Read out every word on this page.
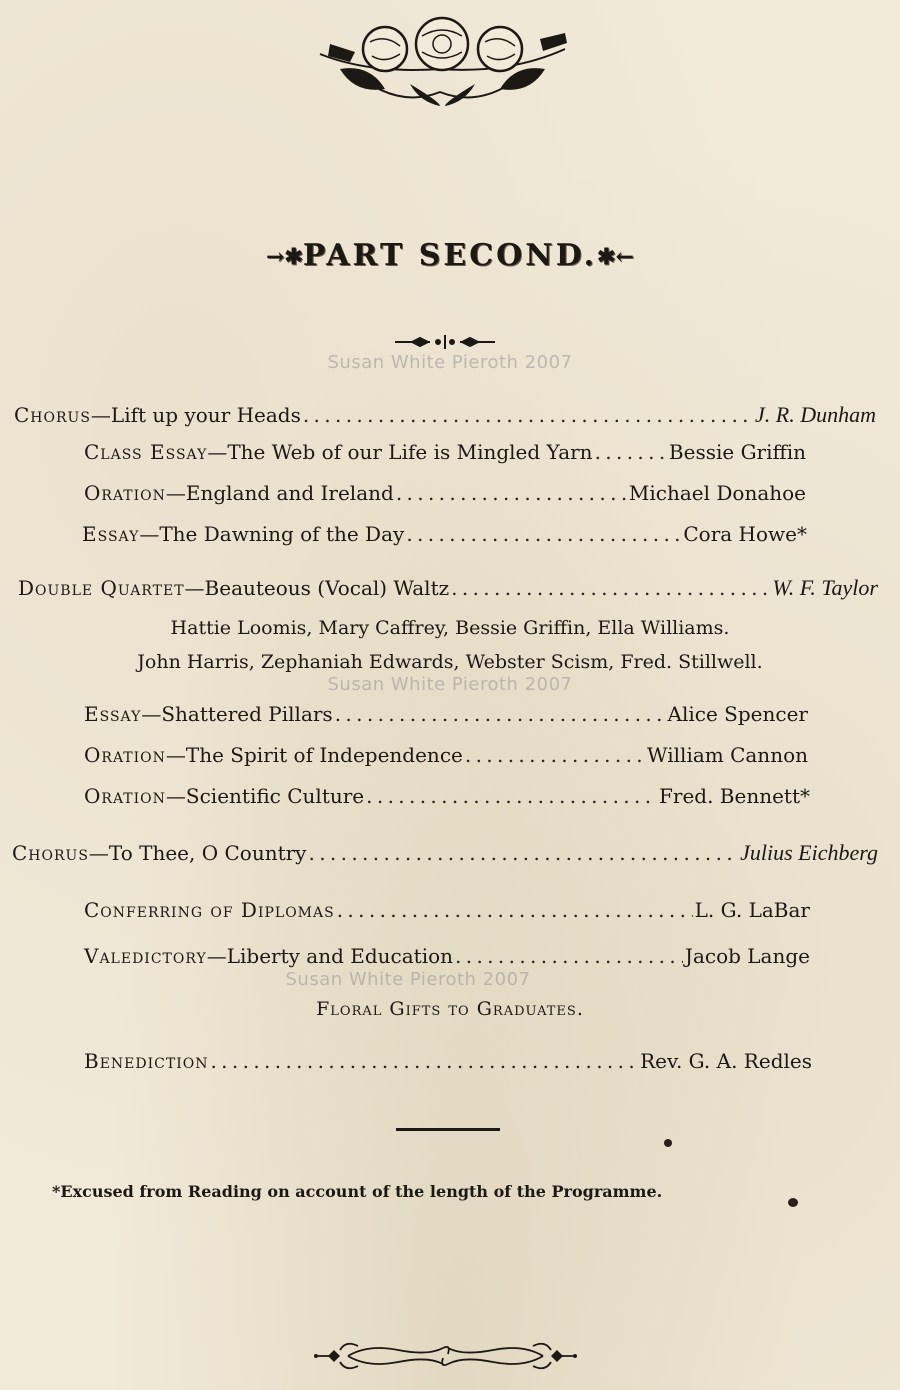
→✱PART SECOND.✱←
Susan White Pieroth 2007
Chorus —Lift up your Heads . . .	J. R. Dunham
Class Essay —The Web of our Life is Mingled Yarn . . .	Bessie Griffin
Oration —England and Ireland . . .	Michael Donahoe
Essay —The Dawning of the Day . . .	Cora Howe*
Double Quartet —Beauteous (Vocal) Waltz . . .	W. F. Taylor
Hattie Loomis, Mary Caffrey, Bessie Griffin, Ella Williams.
John Harris, Zephaniah Edwards, Webster Scism, Fred. Stillwell.
Susan White Pieroth 2007
Essay —Shattered Pillars . . .	Alice Spencer
Oration —The Spirit of Independence . . .	William Cannon
Oration —Scientific Culture . . .	Fred. Bennett*
Chorus —To Thee, O Country . . .	Julius Eichberg
Conferring of Diplomas . . .	L. G. LaBar
Valedictory —Liberty and Education . . .	Jacob Lange
Susan White Pieroth 2007
Floral Gifts to Graduates.
Benediction . . .	Rev. G. A. Redles
*Excused from Reading on account of the length of the Programme.
